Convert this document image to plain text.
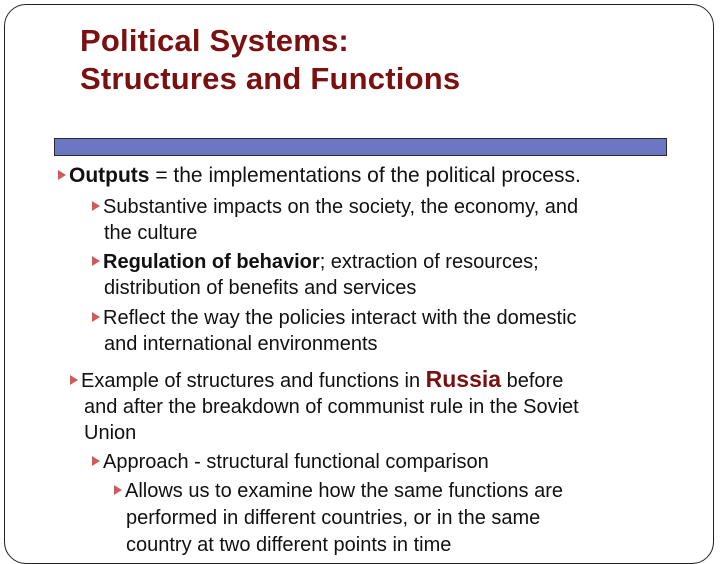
Political Systems:
Structures and Functions
Outputs = the implementations of the political process.
Substantive impacts on the society, the economy, and
the culture
Regulation of behavior; extraction of resources;
distribution of benefits and services
Reflect the way the policies interact with the domestic
and international environments
Example of structures and functions in Russia before
and after the breakdown of communist rule in the Soviet
Union
Approach - structural functional comparison
Allows us to examine how the same functions are
performed in different countries, or in the same
country at two different points in time
